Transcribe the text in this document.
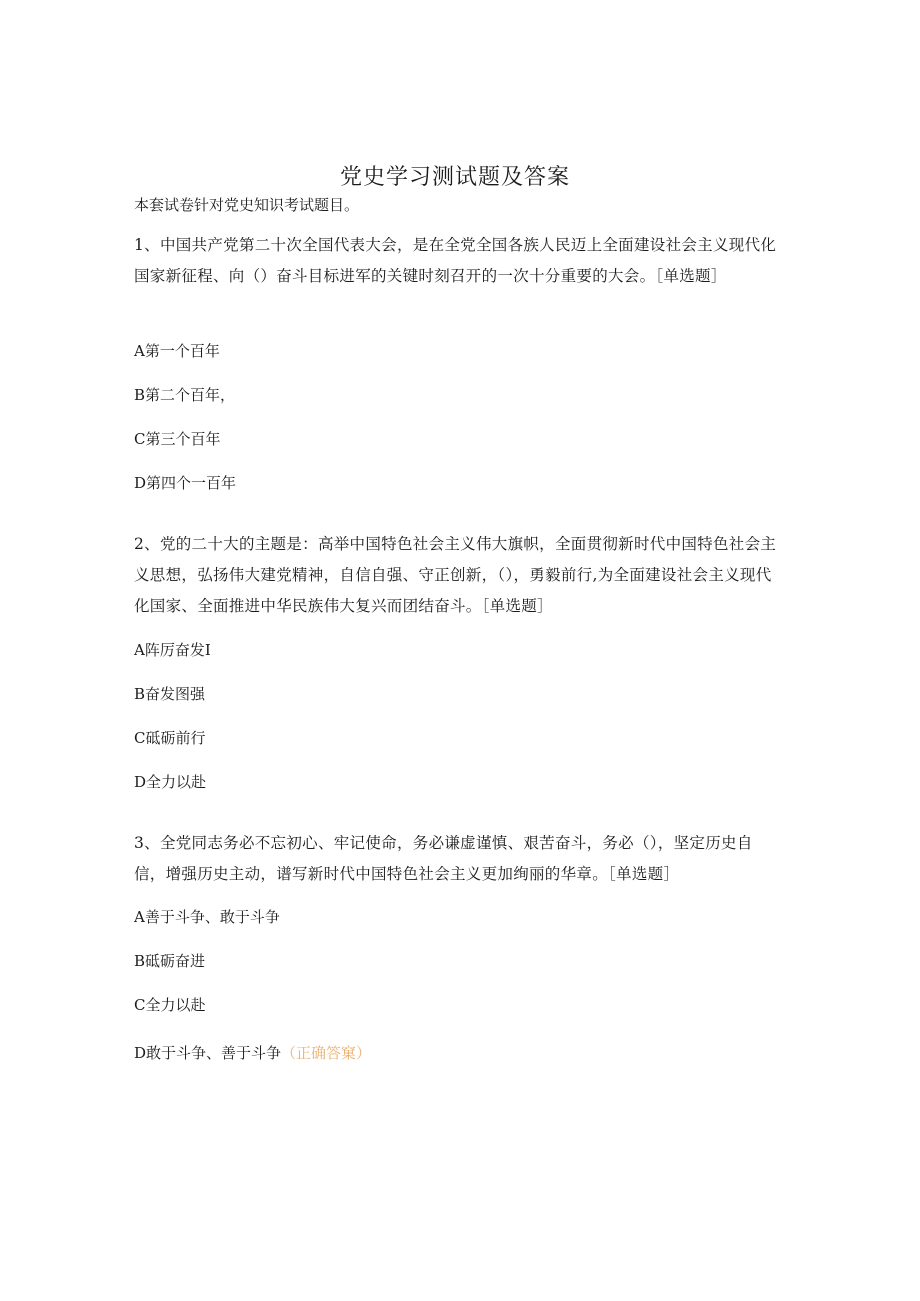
党史学习测试题及答案
本套试卷针对党史知识考试题目。
1、中国共产党第二十次全国代表大会，是在全党全国各族人民迈上全面建设社会主义现代化国家新征程、向（）奋斗目标进军的关键时刻召开的一次十分重要的大会。［单选题］
A第一个百年
B第二个百年，
C第三个百年
D第四个一百年
2、党的二十大的主题是：高举中国特色社会主义伟大旗帜，全面贯彻新时代中国特色社会主义思想，弘扬伟大建党精神，自信自强、守正创新，（），勇毅前行,为全面建设社会主义现代化国家、全面推进中华民族伟大复兴而团结奋斗。［单选题］
A阵厉奋发I
B奋发图强
C砥砺前行
D全力以赴
3、全党同志务必不忘初心、牢记使命，务必谦虚谨慎、艰苦奋斗，务必（），坚定历史自信，增强历史主动，谱写新时代中国特色社会主义更加绚丽的华章。［单选题］
A善于斗争、敢于斗争
B砥砺奋进
C全力以赴
D敢于斗争、善于斗争（正确答窠）
